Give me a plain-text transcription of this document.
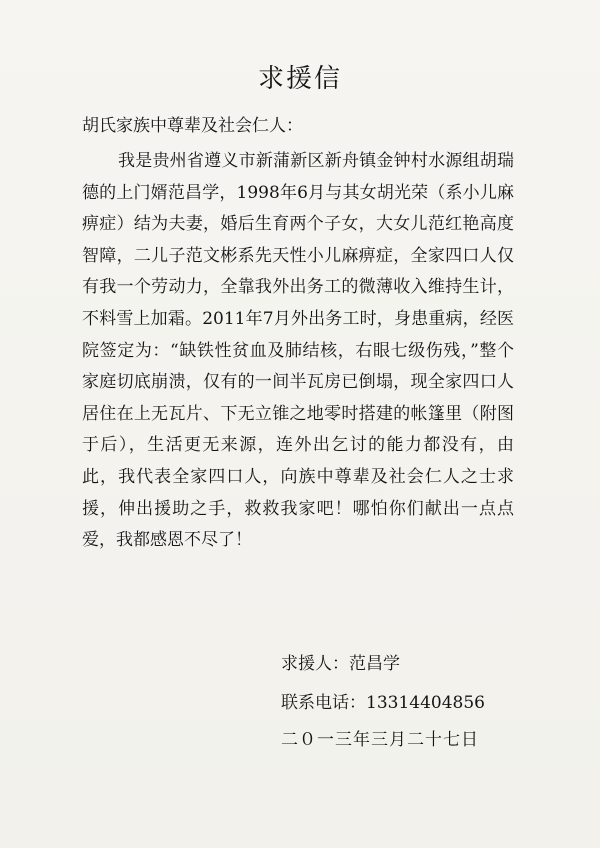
求援信
胡氏家族中尊辈及社会仁人：

我是贵州省遵义市新蒲新区新舟镇金钟村水源组胡瑞德的上门婿范昌学，1998年6月与其女胡光荣（系小儿麻痹症）结为夫妻，婚后生育两个子女，大女儿范红艳高度智障，二儿子范文彬系先天性小儿麻痹症，全家四口人仅有我一个劳动力，全靠我外出务工的微薄收入维持生计，不料雪上加霜。2011年7月外出务工时，身患重病，经医院签定为：“缺铁性贫血及肺结核，右眼七级伤残，”整个家庭切底崩溃，仅有的一间半瓦房已倒塌，现全家四口人居住在上无瓦片、下无立锥之地零时搭建的帐篷里（附图于后），生活更无来源，连外出乞讨的能力都没有，由此，我代表全家四口人，向族中尊辈及社会仁人之士求援，伸出援助之手，救救我家吧！哪怕你们献出一点点爱，我都感恩不尽了！

求援人：范昌学
联系电话：13314404856
二０一三年三月二十七日
